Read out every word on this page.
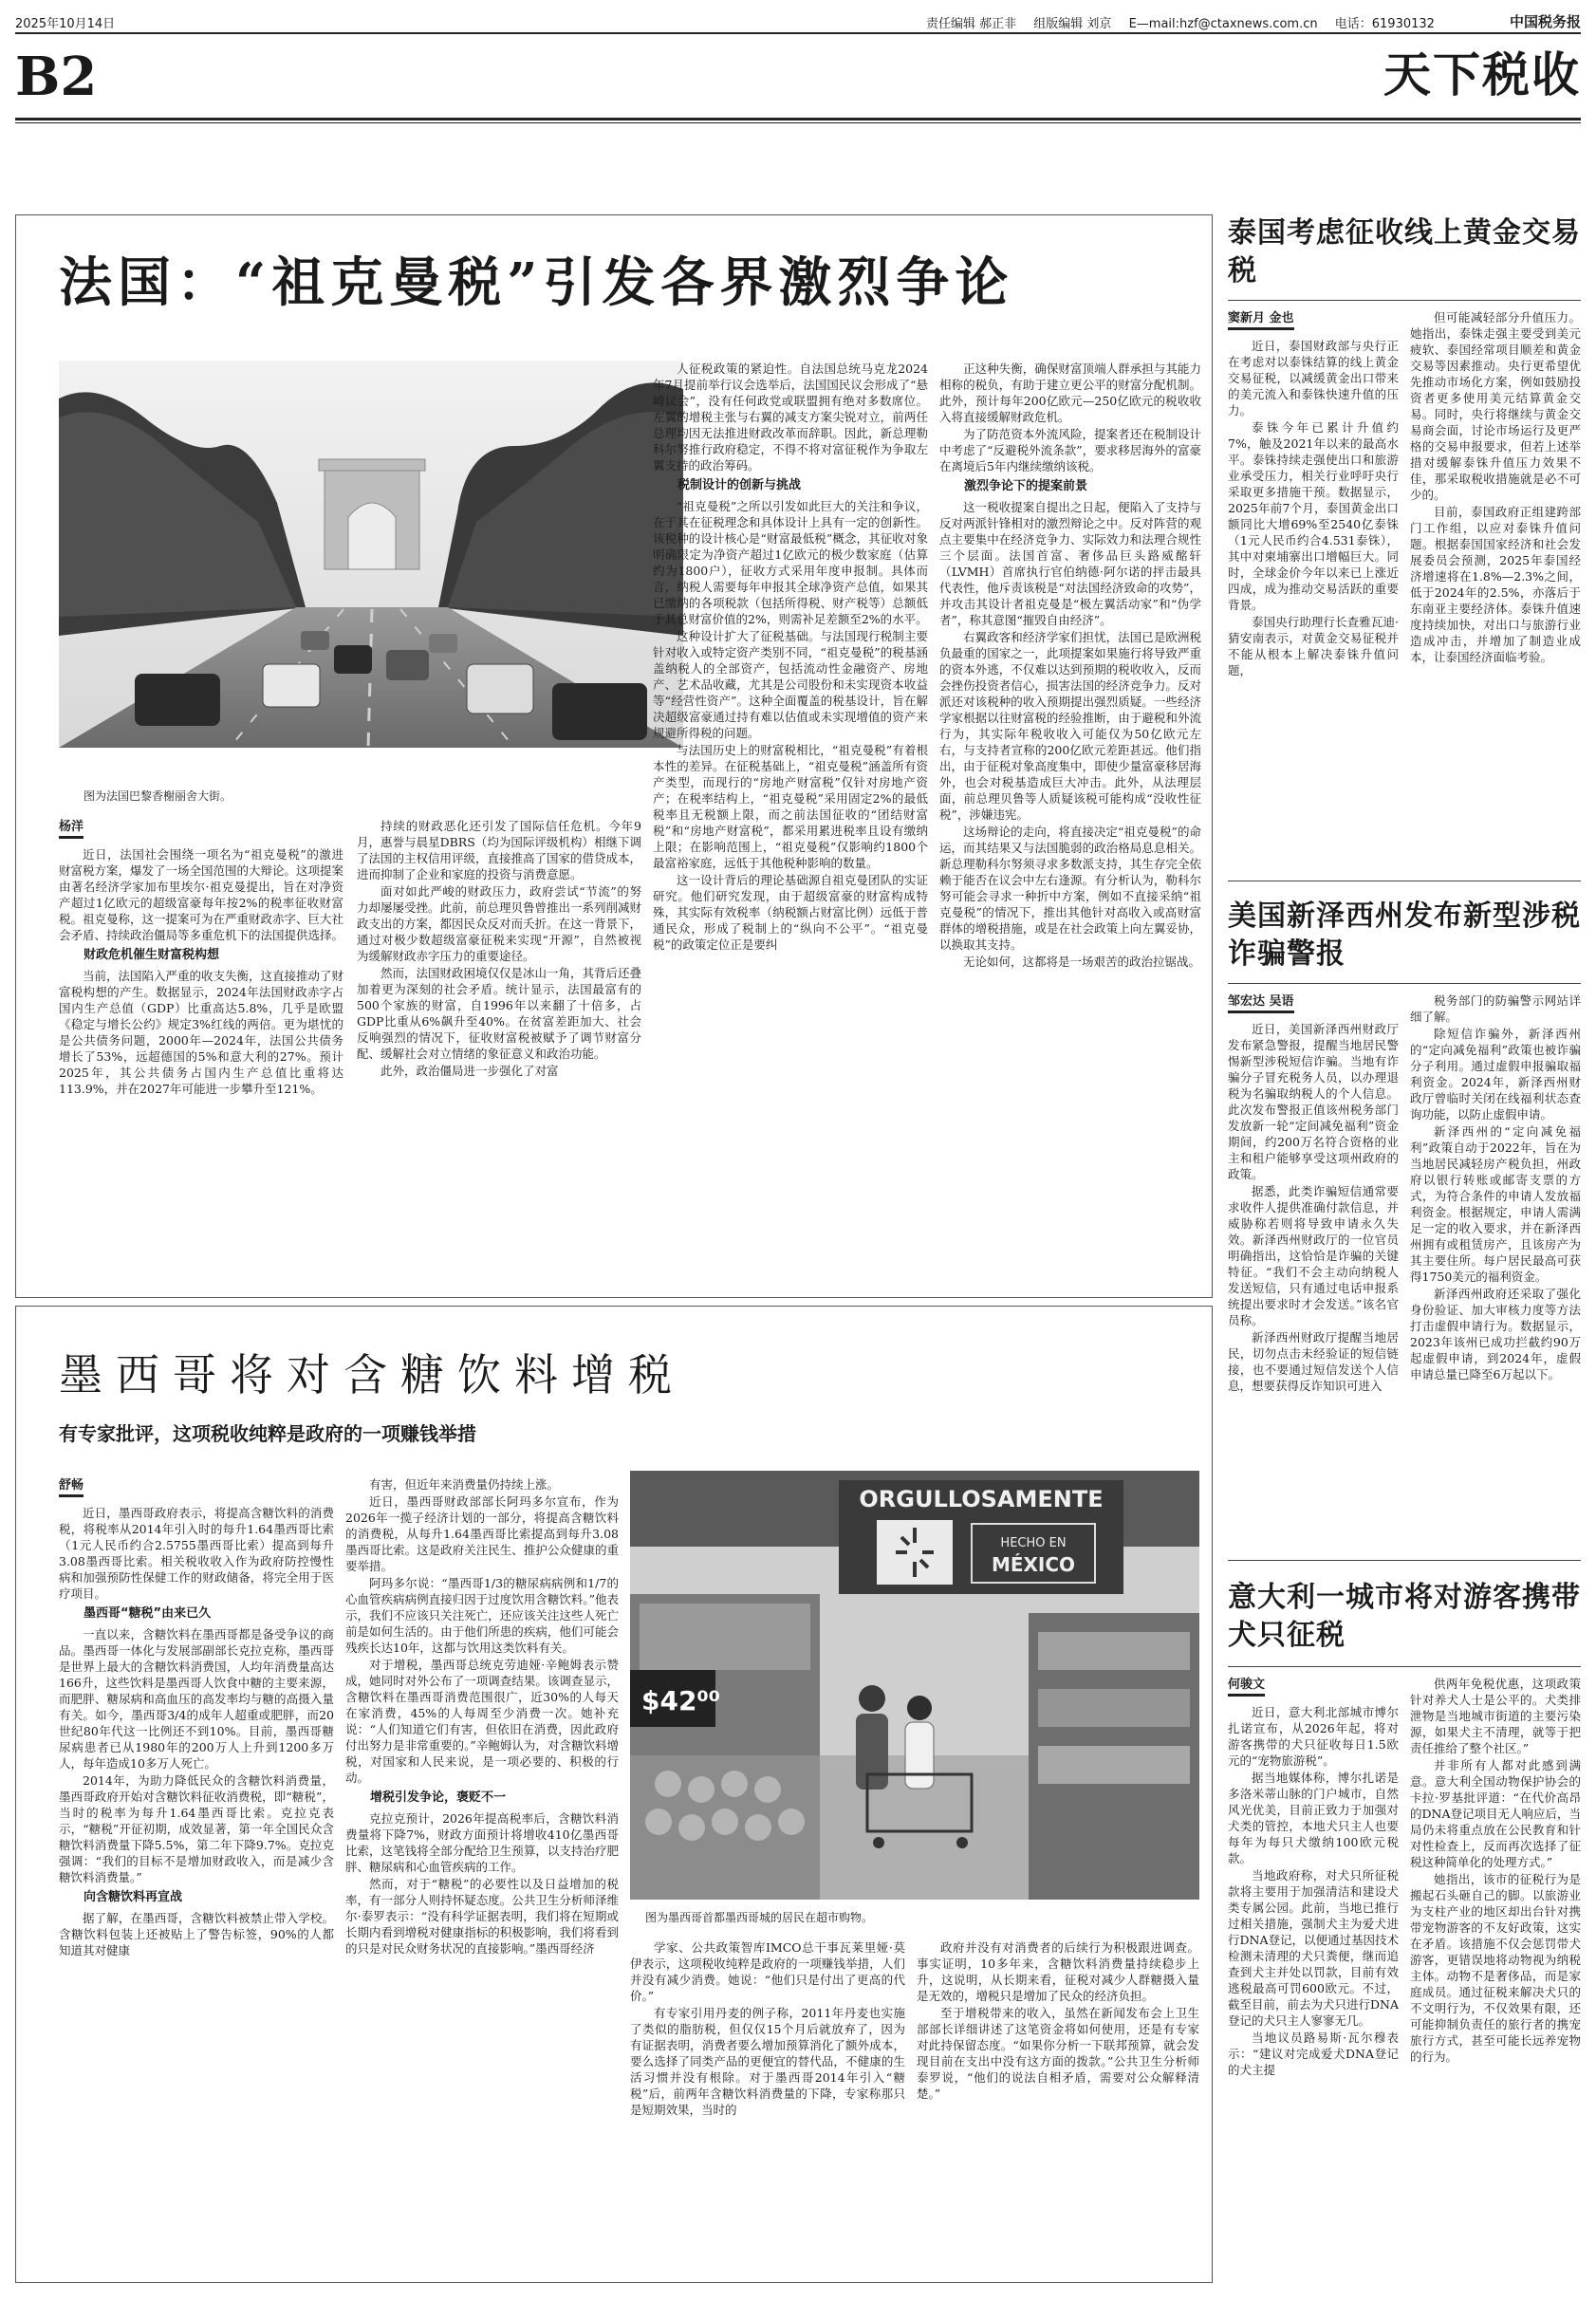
2025年10月14日	责任编辑 郝正非 组版编辑 刘京 E—mail:hzf@ctaxnews.com.cn 电话：61930132	中国税务报
B2	天下税收
法国：“祖克曼税”引发各界激烈争论
图为法国巴黎香榭丽舍大街。
杨洋

近日，法国社会围绕一项名为“祖克曼税”的激进财富税方案，爆发了一场全国范围的大辩论。这项提案由著名经济学家加布里埃尔·祖克曼提出，旨在对净资产超过1亿欧元的超级富豪每年按2%的税率征收财富税。祖克曼称，这一提案可为在严重财政赤字、巨大社会矛盾、持续政治僵局等多重危机下的法国提供选择。

财政危机催生财富税构想

当前，法国陷入严重的收支失衡，这直接推动了财富税构想的产生。数据显示，2024年法国财政赤字占国内生产总值（GDP）比重高达5.8%，几乎是欧盟《稳定与增长公约》规定3%红线的两倍。更为堪忧的是公共债务问题，2000年—2024年，法国公共债务增长了53%，远超德国的5%和意大利的27%。预计2025年，其公共债务占国内生产总值比重将达113.9%，并在2027年可能进一步攀升至121%。

持续的财政恶化还引发了国际信任危机。今年9月，惠誉与晨星DBRS（均为国际评级机构）相继下调了法国的主权信用评级，直接推高了国家的借贷成本，进而抑制了企业和家庭的投资与消费意愿。

面对如此严峻的财政压力，政府尝试“节流”的努力却屡屡受挫。此前，前总理贝鲁曾推出一系列削减财政支出的方案，都因民众反对而夭折。在这一背景下，通过对极少数超级富豪征税来实现“开源”，自然被视为缓解财政赤字压力的重要途径。

然而，法国财政困境仅仅是冰山一角，其背后还叠加着更为深刻的社会矛盾。统计显示，法国最富有的500个家族的财富，自1996年以来翻了十倍多，占GDP比重从6%飙升至40%。在贫富差距加大、社会反响强烈的情况下，征收财富税被赋予了调节财富分配、缓解社会对立情绪的象征意义和政治功能。

此外，政治僵局进一步强化了对富

人征税政策的紧迫性。自法国总统马克龙2024年7月提前举行议会选举后，法国国民议会形成了“悬崎议会”，没有任何政党或联盟拥有绝对多数席位。左翼的增税主张与右翼的减支方案尖锐对立，前两任总理均因无法推进财政改革而辞职。因此，新总理勒科尔努推行政府稳定，不得不将对富征税作为争取左翼支持的政治筹码。

税制设计的创新与挑战

“祖克曼税”之所以引发如此巨大的关注和争议，在于其在征税理念和具体设计上具有一定的创新性。该税种的设计核心是“财富最低税”概念，其征收对象明确限定为净资产超过1亿欧元的极少数家庭（估算约为1800户），征收方式采用年度申报制。具体而言，纳税人需要每年申报其全球净资产总值，如果其已缴纳的各项税款（包括所得税、财产税等）总额低于其总财富价值的2%，则需补足差额至2%的水平。

这种设计扩大了征税基础。与法国现行税制主要针对收入或特定资产类别不同，“祖克曼税”的税基涵盖纳税人的全部资产，包括流动性金融资产、房地产、艺术品收藏，尤其是公司股份和未实现资本收益等“经营性资产”。这种全面覆盖的税基设计，旨在解决超级富豪通过持有难以估值或未实现增值的资产来规避所得税的问题。

与法国历史上的财富税相比，“祖克曼税”有着根本性的差异。在征税基础上，“祖克曼税”涵盖所有资产类型，而现行的“房地产财富税”仅针对房地产资产；在税率结构上，“祖克曼税”采用固定2%的最低税率且无税额上限，而之前法国征收的“团结财富税”和“房地产财富税”，都采用累进税率且设有缴纳上限；在影响范围上，“祖克曼税”仅影响约1800个最富裕家庭，远低于其他税种影响的数量。

这一设计背后的理论基础源自祖克曼团队的实证研究。他们研究发现，由于超级富豪的财富构成特殊，其实际有效税率（纳税额占财富比例）远低于普通民众，形成了税制上的“纵向不公平”。“祖克曼税”的政策定位正是要纠

正这种失衡，确保财富顶端人群承担与其能力相称的税负，有助于建立更公平的财富分配机制。此外，预计每年200亿欧元—250亿欧元的税收收入将直接缓解财政危机。

为了防范资本外流风险，提案者还在税制设计中考虑了“反避税外流条款”，要求移居海外的富豪在离境后5年内继续缴纳该税。

激烈争论下的提案前景

这一税收提案自提出之日起，便陷入了支持与反对两派针锋相对的激烈辩论之中。反对阵营的观点主要集中在经济竞争力、实际效力和法理合规性三个层面。法国首富、奢侈品巨头路威酩轩（LVMH）首席执行官伯纳德·阿尔诺的抨击最具代表性，他斥责该税是“对法国经济致命的攻势”，并攻击其设计者祖克曼是“极左翼活动家”和“伪学者”，称其意图“摧毁自由经济”。

右翼政客和经济学家们担忧，法国已是欧洲税负最重的国家之一，此项提案如果施行将导致严重的资本外逃，不仅难以达到预期的税收收入，反而会挫伤投资者信心，损害法国的经济竞争力。反对派还对该税种的收入预期提出强烈质疑。一些经济学家根据以往财富税的经验推断，由于避税和外流行为，其实际年税收收入可能仅为50亿欧元左右，与支持者宣称的200亿欧元差距甚远。他们指出，由于征税对象高度集中，即使少量富豪移居海外，也会对税基造成巨大冲击。此外，从法理层面，前总理贝鲁等人质疑该税可能构成“没收性征税”，涉嫌违宪。

这场辩论的走向，将直接决定“祖克曼税”的命运，而其结果又与法国脆弱的政治格局息息相关。新总理勒科尔努须寻求多数派支持，其生存完全依赖于能否在议会中左右逢源。有分析认为，勒科尔努可能会寻求一种折中方案，例如不直接采纳“祖克曼税”的情况下，推出其他针对高收入或高财富群体的增税措施，或是在社会政策上向左翼妥协，以换取其支持。

无论如何，这都将是一场艰苦的政治拉锯战。

墨西哥将对含糖饮料增税
有专家批评，这项税收纯粹是政府的一项赚钱举措
舒畅

近日，墨西哥政府表示，将提高含糖饮料的消费税，将税率从2014年引入时的每升1.64墨西哥比索（1元人民币约合2.5755墨西哥比索）提高到每升3.08墨西哥比索。相关税收收入作为政府防控慢性病和加强预防性保健工作的财政储备，将完全用于医疗项目。

墨西哥“糖税”由来已久

一直以来，含糖饮料在墨西哥都是备受争议的商品。墨西哥一体化与发展部副部长克拉克称，墨西哥是世界上最大的含糖饮料消费国，人均年消费量高达166升，这些饮料是墨西哥人饮食中糖的主要来源，而肥胖、糖尿病和高血压的高发率均与糖的高摄入量有关。如今，墨西哥3/4的成年人超重或肥胖，而20世纪80年代这一比例还不到10%。目前，墨西哥糖尿病患者已从1980年的200万人上升到1200多万人，每年造成10多万人死亡。

2014年，为助力降低民众的含糖饮料消费量，墨西哥政府开始对含糖饮料征收消费税，即“糖税”，当时的税率为每升1.64墨西哥比索。克拉克表示，“糖税”开征初期，成效显著，第一年全国民众含糖饮料消费量下降5.5%，第二年下降9.7%。克拉克强调：“我们的目标不是增加财政收入，而是减少含糖饮料消费量。”

向含糖饮料再宣战

据了解，在墨西哥，含糖饮料被禁止带入学校。含糖饮料包装上还被贴上了警告标签，90%的人都知道其对健康

有害，但近年来消费量仍持续上涨。

近日，墨西哥财政部部长阿玛多尔宣布，作为2026年一揽子经济计划的一部分，将提高含糖饮料的消费税，从每升1.64墨西哥比索提高到每升3.08墨西哥比索。这是政府关注民生、推护公众健康的重要举措。

阿玛多尔说：“墨西哥1/3的糖尿病病例和1/7的心血管疾病病例直接归因于过度饮用含糖饮料。”他表示，我们不应该只关注死亡，还应该关注这些人死亡前是如何生活的。由于他们所患的疾病，他们可能会残疾长达10年，这都与饮用这类饮料有关。

对于增税，墨西哥总统克劳迪娅·辛鲍姆表示赞成，她同时对外公布了一项调查结果。该调查显示，含糖饮料在墨西哥消费范围很广，近30%的人每天在家消费，45%的人每周至少消费一次。她补充说：“人们知道它们有害，但依旧在消费，因此政府付出努力是非常重要的。”辛鲍姆认为，对含糖饮料增税，对国家和人民来说，是一项必要的、积极的行动。

增税引发争论，褒贬不一

克拉克预计，2026年提高税率后，含糖饮料消费量将下降7%，财政方面预计将增收410亿墨西哥比索，这笔钱将全部分配给卫生预算，以支持治疗肥胖、糖尿病和心血管疾病的工作。

然而，对于“糖税”的必要性以及日益增加的税率，有一部分人则持怀疑态度。公共卫生分析师泽维尔·泰罗表示：“没有科学证据表明，我们将在短期或长期内看到增税对健康指标的积极影响，我们将看到的只是对民众财务状况的直接影响。”墨西哥经济

ORGULLOSAMENTE
HECHO EN
MÉXICO
$42⁰⁰
图为墨西哥首都墨西哥城的居民在超市购物。

学家、公共政策智库IMCO总干事瓦莱里娅·莫伊表示，这项税收纯粹是政府的一项赚钱举措，人们并没有减少消费。她说：“他们只是付出了更高的代价。”

有专家引用丹麦的例子称，2011年丹麦也实施了类似的脂肪税，但仅仅15个月后就放弃了，因为有证据表明，消费者要么增加预算消化了额外成本，要么选择了同类产品的更便宜的替代品，不健康的生活习惯并没有根除。对于墨西哥2014年引入“糖税”后，前两年含糖饮料消费量的下降，专家称那只是短期效果，当时的

政府并没有对消费者的后续行为积极跟进调查。事实证明，10多年来，含糖饮料消费量持续稳步上升，这说明，从长期来看，征税对减少人群糖摄入量是无效的，增税只是增加了民众的经济负担。

至于增税带来的收入，虽然在新闻发布会上卫生部部长详细讲述了这笔资金将如何使用，还是有专家对此持保留态度。“如果你分析一下联邦预算，就会发现目前在支出中没有这方面的拨款。”公共卫生分析师泰罗说，“他们的说法自相矛盾，需要对公众解释清楚。”

泰国考虑征收线上黄金交易税
窦新月 金也

近日，泰国财政部与央行正在考虑对以泰铢结算的线上黄金交易征税，以减缓黄金出口带来的美元流入和泰铢快速升值的压力。

泰铢今年已累计升值约7%，触及2021年以来的最高水平。泰铢持续走强使出口和旅游业承受压力，相关行业呼吁央行采取更多措施干预。数据显示，2025年前7个月，泰国黄金出口额同比大增69%至2540亿泰铢（1元人民币约合4.531泰铢），其中对柬埔寨出口增幅巨大。同时，全球金价今年以来已上涨近四成，成为推动交易活跃的重要背景。

泰国央行助理行长查雅瓦迪·猜安南表示，对黄金交易征税并不能从根本上解决泰铢升值问题，

但可能减轻部分升值压力。她指出，泰铢走强主要受到美元疲软、泰国经常项目顺差和黄金交易等因素推动。央行更希望优先推动市场化方案，例如鼓励投资者更多使用美元结算黄金交易。同时，央行将继续与黄金交易商会面，讨论市场运行及更严格的交易申报要求，但若上述举措对缓解泰铢升值压力效果不佳，那采取税收措施就是必不可少的。

目前，泰国政府正组建跨部门工作组，以应对泰铢升值问题。根据泰国国家经济和社会发展委员会预测，2025年泰国经济增速将在1.8%—2.3%之间，低于2024年的2.5%，亦落后于东南亚主要经济体。泰铢升值速度持续加快，对出口与旅游行业造成冲击，并增加了制造业成本，让泰国经济面临考验。

美国新泽西州发布新型涉税诈骗警报
邹宏达 吴语

近日，美国新泽西州财政厅发布紧急警报，提醒当地居民警惕新型涉税短信诈骗。当地有诈骗分子冒充税务人员，以办理退税为名骗取纳税人的个人信息。此次发布警报正值该州税务部门发放新一轮“定间减免福利”资金期间，约200万名符合资格的业主和租户能够享受这项州政府的政策。

据悉，此类诈骗短信通常要求收件人提供准确付款信息，并威胁称若则将导致申请永久失效。新泽西州财政厅的一位官员明确指出，这恰恰是诈骗的关键特征。“我们不会主动向纳税人发送短信，只有通过电话申报系统提出要求时才会发送。”该名官员称。

新泽西州财政厅提醒当地居民，切勿点击未经验证的短信链接，也不要通过短信发送个人信息，想要获得反诈知识可进入

税务部门的防骗警示网站详细了解。

除短信诈骗外，新泽西州的“定向减免福利”政策也被诈骗分子利用。通过虚假申报骗取福利资金。2024年，新泽西州财政厅曾临时关闭在线福利状态查询功能，以防止虚假申请。

新泽西州的“定向减免福利”政策自动于2022年，旨在为当地居民减轻房产税负担，州政府以银行转账或邮寄支票的方式，为符合条件的申请人发放福利资金。根据规定，申请人需满足一定的收入要求，并在新泽西州拥有或租赁房产，且该房产为其主要住所。每户居民最高可获得1750美元的福利资金。

新泽西州政府还采取了强化身份验证、加大审核力度等方法打击虚假申请行为。数据显示，2023年该州已成功拦截约90万起虚假申请，到2024年，虚假申请总量已降至6万起以下。

意大利一城市将对游客携带犬只征税
何骏文

近日，意大利北部城市博尔扎诺宣布，从2026年起，将对游客携带的犬只征收每日1.5欧元的“宠物旅游税”。

据当地媒体称，博尔扎诺是多洛米蒂山脉的门户城市，自然风光优美，目前正致力于加强对犬类的管控，本地犬只主人也要每年为每只犬缴纳100欧元税款。

当地政府称，对犬只所征税款将主要用于加强清洁和建设犬类专属公园。此前，当地已推行过相关措施，强制犬主为爱犬进行DNA登记，以便通过基因技术检测未清理的犬只粪便，继而追查到犬主并处以罚款，目前有效逃税最高可罚600欧元。不过，截至目前，前去为犬只进行DNA登记的犬只主人寥寥无几。

当地议员路易斯·瓦尔穆表示：“建议对完成爱犬DNA登记的犬主提

供两年免税优惠，这项政策针对养犬人士是公平的。犬类排泄物是当地城市街道的主要污染源，如果犬主不清理，就等于把责任推给了整个社区。”

并非所有人都对此感到满意。意大利全国动物保护协会的卡拉·罗基批评道：“在代价高昂的DNA登记项目无人响应后，当局仍未将重点放在公民教育和针对性检查上，反而再次选择了征税这种简单化的处理方式。”

她指出，该市的征税行为是搬起石头砸自己的脚。以旅游业为支柱产业的地区却出台针对携带宠物游客的不友好政策，这实在矛盾。该措施不仅会惩罚带犬游客，更错误地将动物视为纳税主体。动物不是奢侈品，而是家庭成员。通过征税来解决犬只的不文明行为，不仅效果有限，还可能抑制负责任的旅行者的携宠旅行方式，甚至可能长远养宠物的行为。
